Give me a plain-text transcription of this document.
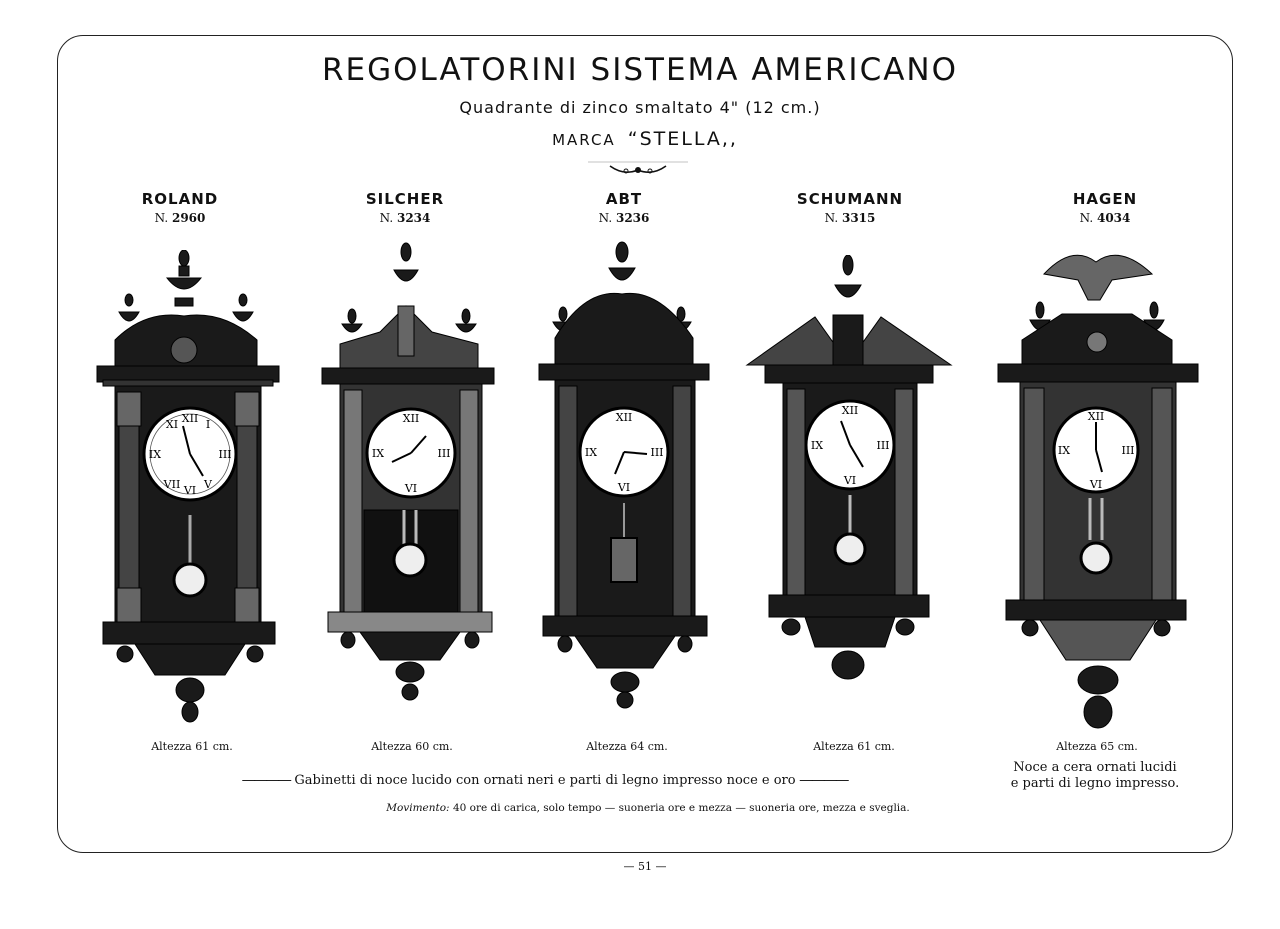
REGOLATORINI SISTEMA AMERICANO
Quadrante di zinco smaltato 4" (12 cm.)
MARCA “STELLA,,
ROLAND
N. 2960
SILCHER
N. 3234
ABT
N. 3236
SCHUMANN
N. 3315
HAGEN
N. 4034
XII
VI
IX	III
I
XI
V
VII
XII
VI
IX	III
XII
VI
IX	III
XII
VI
IX	III
XII
VI
IX	III
Altezza 61 cm.	Altezza 60 cm.	Altezza 64 cm.	Altezza 61 cm.	Altezza 65 cm.
Noce a cera ornati lucidi
e parti di legno impresso.
―――― Gabinetti di noce lucido con ornati neri e parti di legno impresso noce e oro ――――
Movimento: 40 ore di carica, solo tempo — suoneria ore e mezza — suoneria ore, mezza e sveglia.
— 51 —
